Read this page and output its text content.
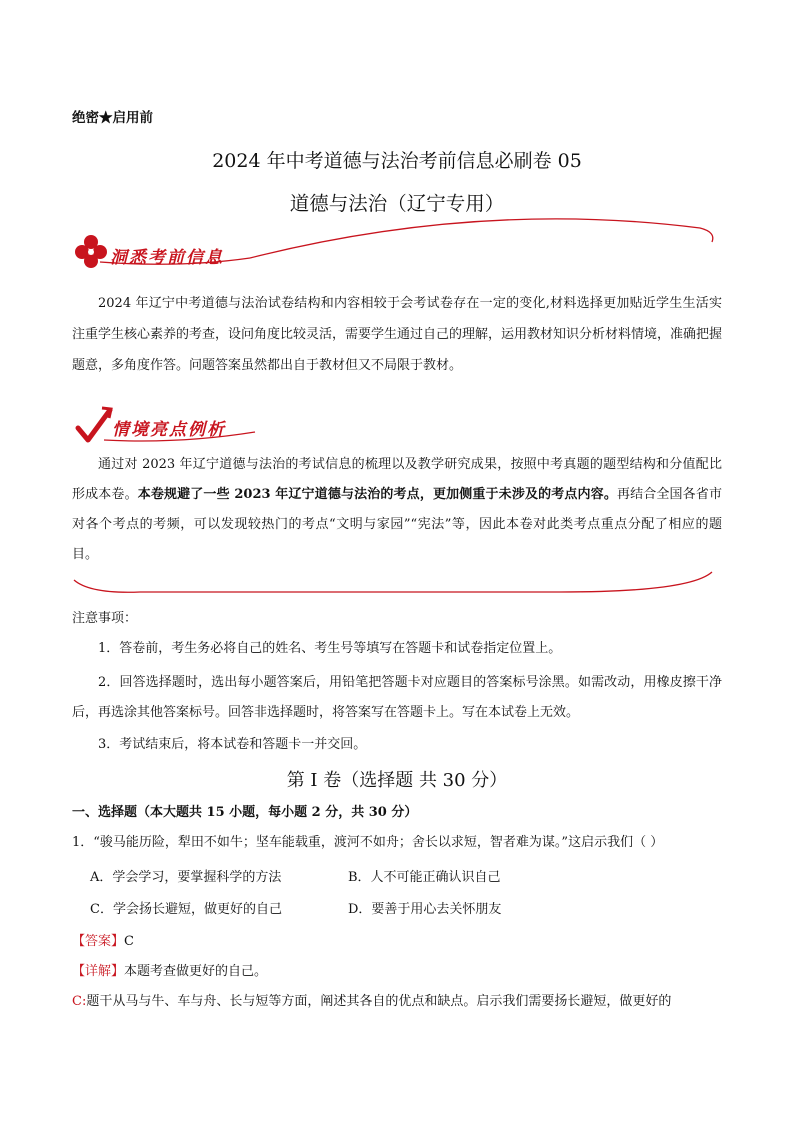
绝密★启用前
2024 年中考道德与法治考前信息必刷卷 05
道德与法治（辽宁专用）
洞悉考前信息
2024 年辽宁中考道德与法治试卷结构和内容相较于会考试卷存在一定的变化,材料选择更加贴近学生生活实注重学生核心素养的考查，设问角度比较灵活，需要学生通过自己的理解，运用教材知识分析材料情境，准确把握题意，多角度作答。问题答案虽然都出自于教材但又不局限于教材。
情境亮点例析
通过对 2023 年辽宁道德与法治的考试信息的梳理以及教学研究成果，按照中考真题的题型结构和分值配比形成本卷。本卷规避了一些 2023 年辽宁道德与法治的考点，更加侧重于未涉及的考点内容。再结合全国各省市对各个考点的考频，可以发现较热门的考点“文明与家园”“宪法”等，因此本卷对此类考点重点分配了相应的题目。
注意事项：
1．答卷前，考生务必将自己的姓名、考生号等填写在答题卡和试卷指定位置上。
2．回答选择题时，选出每小题答案后，用铅笔把答题卡对应题目的答案标号涂黑。如需改动，用橡皮擦干净后，再选涂其他答案标号。回答非选择题时，将答案写在答题卡上。写在本试卷上无效。
3．考试结束后，将本试卷和答题卡一并交回。
第 I 卷（选择题 共 30 分）
一、选择题（本大题共 15 小题，每小题 2 分，共 30 分）
1．“骏马能历险，犁田不如牛；坚车能载重，渡河不如舟；舍长以求短，智者难为谋。”这启示我们（ ）
A．学会学习，要掌握科学的方法	B．人不可能正确认识自己
C．学会扬长避短，做更好的自己	D．要善于用心去关怀朋友
【答案】C
【详解】本题考查做更好的自己。
C:题干从马与牛、车与舟、长与短等方面，阐述其各自的优点和缺点。启示我们需要扬长避短，做更好的
